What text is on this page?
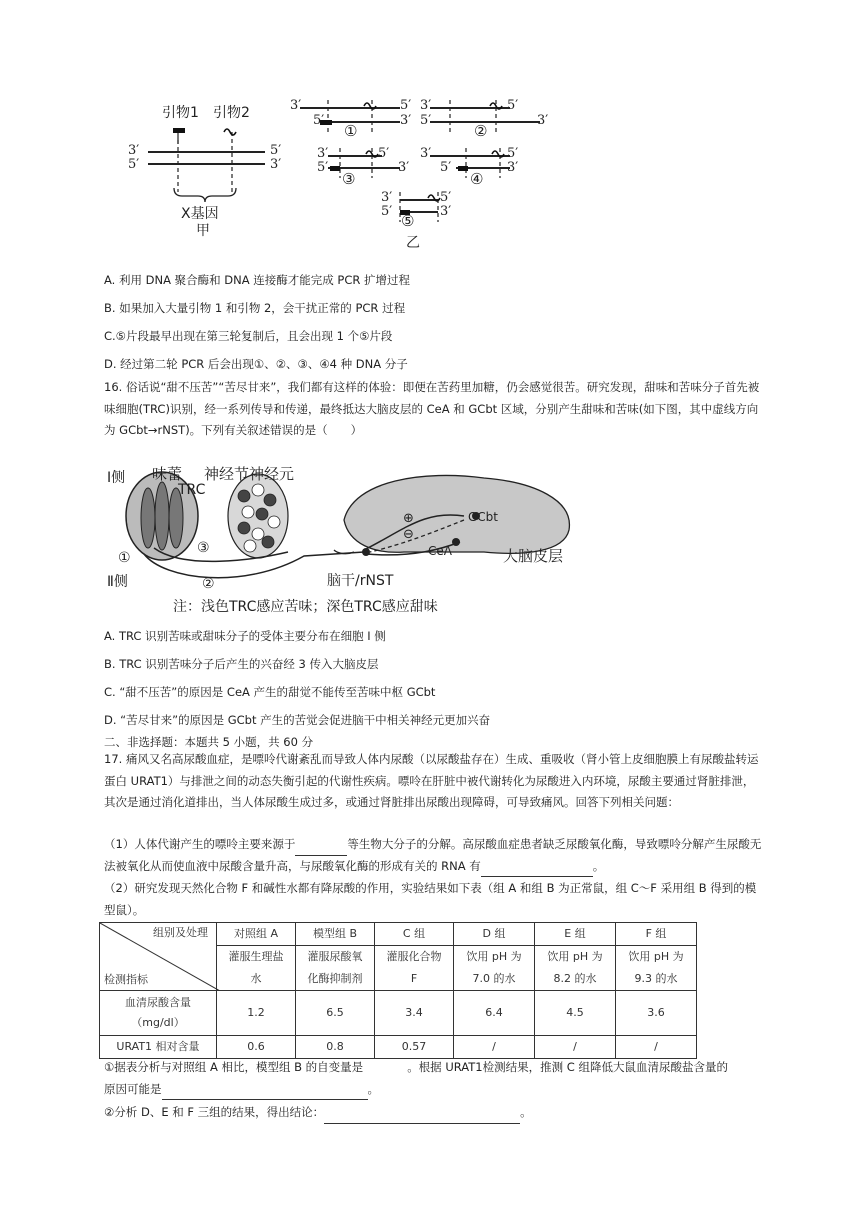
引物1 引物2
3′
5′
5′
3′
X基因
甲
3′
5′
5′
3′
①
3′
5′
5′
3′
②
3′
5′
5′
3′
③
3′
5′
5′
3′
④
3′
5′
5′
3′
⑤
乙
A. 利用 DNA 聚合酶和 DNA 连接酶才能完成 PCR 扩增过程
B. 如果加入大量引物 1 和引物 2，会干扰正常的 PCR 过程
C.⑤片段最早出现在第三轮复制后，且会出现 1 个⑤片段
D. 经过第二轮 PCR 后会出现①、②、③、④4 种 DNA 分子
16. 俗话说“甜不压苦”“苦尽甘来”，我们都有这样的体验：即便在苦药里加糖，仍会感觉很苦。研究发现，甜味和苦味分子首先被味细胞(TRC)识别，经一系列传导和传递，最终抵达大脑皮层的 CeA 和 GCbt 区域，分别产生甜味和苦味(如下图，其中虚线方向为 GCbt→rNST)。下列有关叙述错误的是（　　）
Ⅰ侧 味蕾 神经节神经元
TRC
GCbt
⊕
⊖
CeA	大脑皮层
①
③
Ⅱ侧	②	脑干/rNST
注：浅色TRC感应苦味；深色TRC感应甜味
A. TRC 识别苦味或甜味分子的受体主要分布在细胞 I 侧
B. TRC 识别苦味分子后产生的兴奋经 3 传入大脑皮层
C. “甜不压苦”的原因是 CeA 产生的甜觉不能传至苦味中枢 GCbt
D. “苦尽甘来”的原因是 GCbt 产生的苦觉会促进脑干中相关神经元更加兴奋
二、非选择题：本题共 5 小题，共 60 分
17. 痛风又名高尿酸血症，是嘌呤代谢紊乱而导致人体内尿酸（以尿酸盐存在）生成、重吸收（肾小管上皮细胞膜上有尿酸盐转运蛋白 URAT1）与排泄之间的动态失衡引起的代谢性疾病。嘌呤在肝脏中被代谢转化为尿酸进入内环境，尿酸主要通过肾脏排泄，其次是通过消化道排出，当人体尿酸生成过多，或通过肾脏排出尿酸出现障碍，可导致痛风。回答下列相关问题：
（1）人体代谢产生的嘌呤主要来源于	等生物大分子的分解。高尿酸血症患者缺乏尿酸氧化酶，导致嘌呤分解产生尿酸无法被氧化从而使血液中尿酸含量升高，与尿酸氧化酶的形成有关的 RNA 有	。
（2）研究发现天然化合物 F 和碱性水都有降尿酸的作用，实验结果如下表（组 A 和组 B 为正常鼠，组 C～F 采用组 B 得到的模型鼠）。
组别及处理
检测指标	对照组 A	模型组 B	C 组	D 组	E 组	F 组
	灌服生理盐	灌服尿酸氧	灌服化合物	饮用 pH 为	饮用 pH 为	饮用 pH 为
	水	化酶抑制剂	F	7.0 的水	8.2 的水	9.3 的水

血清尿酸含量
（mg/dl）	1.2	6.5	3.4	6.4	4.5	3.6
URAT1 相对含量	0.6	0.8	0.57	/	/	/
①据表分析与对照组 A 相比，模型组 B 的自变量是	。根据 URAT1检测结果，推测 C 组降低大鼠血清尿酸盐含量的
原因可能是	。
②分析 D、E 和 F 三组的结果，得出结论：	。
